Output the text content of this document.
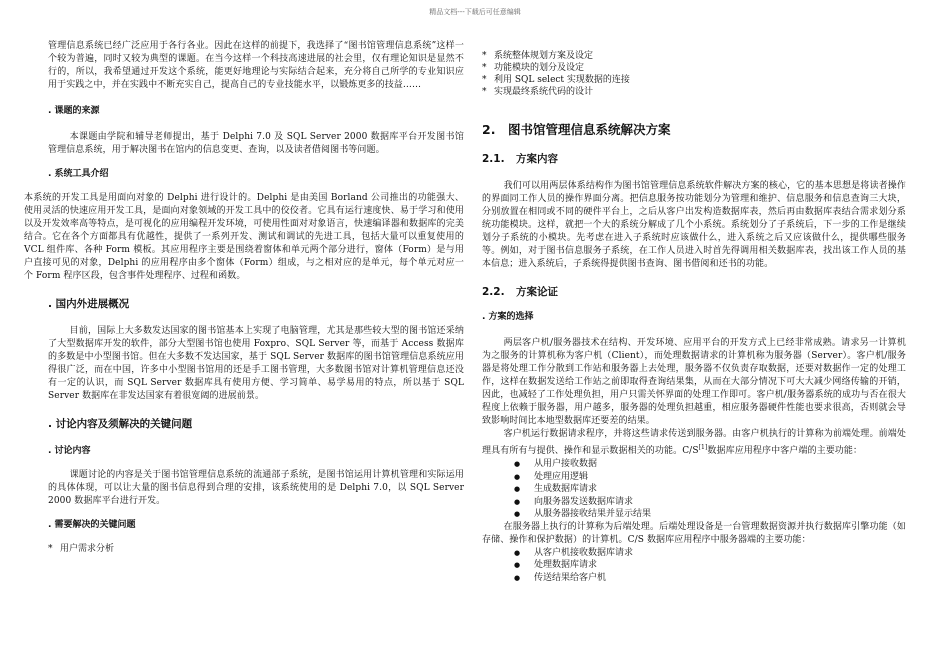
精品文档---下载后可任意编辑

管理信息系统已经广泛应用于各行各业。因此在这样的前提下，我选择了“图书馆管理信息系统”这样一个较为普遍，同时又较为典型的课题。在当今这样一个科技高速进展的社会里，仅有理论知识是显然不行的，所以，我希望通过开发这个系统，能更好地理论与实际结合起来，充分将自己所学的专业知识应用于实践之中，并在实践中不断充实自己，提高自己的专业技能水平，以锻炼更多的技益……

. 课题的来源

本课题由学院和辅导老师提出，基于 Delphi 7.0 及 SQL Server 2000 数据库平台开发图书馆管理信息系统，用于解决图书在馆内的信息变更、查询，以及读者借阅图书等问题。

. 系统工具介绍

本系统的开发工具是用面向对象的 Delphi 进行设计的。Delphi 是由美国 Borland 公司推出的功能强大、使用灵活的快速应用开发工具，是面向对象领域的开发工具中的佼佼者。它具有运行速度快、易于学习和使用以及开发效率高等特点，是可视化的应用编程开发环境，可使用性面对对象语言，快速编译器和数据库的完美结合。它在各个方面都具有优越性，提供了一系列开发、测试和调试的先进工具，包括大量可以重复使用的 VCL 组件库、各种 Form 模板。其应用程序主要是围绕着窗体和单元两个部分进行，窗体（Form）是与用户直接可见的对象，Delphi 的应用程序由多个窗体（Form）组成，与之相对应的是单元，每个单元对应一个 Form 程序区段，包含事件处理程序、过程和函数。

. 国内外进展概况

目前，国际上大多数发达国家的图书馆基本上实现了电脑管理，尤其是那些较大型的图书馆还采纳了大型数据库开发的软件，部分大型图书馆也使用 Foxpro、SQL Server 等，而基于 Access 数据库的多数是中小型图书馆。但在大多数不发达国家，基于 SQL Server 数据库的图书馆管理信息系统应用得很广泛，而在中国，许多中小型图书馆用的还是手工图书管理，大多数图书馆对计算机管理信息还没有一定的认识，而 SQL Server 数据库具有使用方便、学习简单、易学易用的特点，所以基于 SQL Server 数据库在非发达国家有着很宽阔的进展前景。

. 讨论内容及须解决的关键问题

. 讨论内容

课题讨论的内容是关于图书馆管理信息系统的流通部子系统，是图书馆运用计算机管理和实际运用的具体体现，可以让大量的图书信息得到合理的安排，该系统使用的是 Delphi 7.0，以 SQL Server 2000 数据库平台进行开发。

. 需要解决的关键问题

* 用户需求分析
* 系统整体规划方案及设定
* 功能模块的划分及设定
* 利用 SQL select 实现数据的连接
* 实现最终系统代码的设计

2. 图书馆管理信息系统解决方案

2.1. 方案内容

我们可以用两层体系结构作为图书馆管理信息系统软件解决方案的核心，它的基本思想是将读者操作的界面同工作人员的操作界面分离。把信息服务按功能划分为管理和维护、信息服务和信息查询三大块，分别放置在相同或不同的硬件平台上，之后从客户出发构造数据库表，然后再由数据库表结合需求划分系统功能模块。这样，就把一个大的系统分解成了几个小系统。系统划分了子系统后，下一步的工作是继续划分子系统的小模块。先考虑在进入子系统时应该做什么，进入系统之后又应该做什么，提供哪些服务等。例如，对于图书信息服务子系统，在工作人员进入时首先得调用相关数据库表，找出该工作人员的基本信息；进入系统后，子系统得提供图书查询、图书借阅和还书的功能。

2.2. 方案论证

. 方案的选择

两层客户机/服务器技术在结构、开发环境、应用平台的开发方式上已经非常成熟。请求另一计算机为之服务的计算机称为客户机（Client），而处理数据请求的计算机称为服务器（Server）。客户机/服务器是将处理工作分散到工作站和服务器上去处理，服务器不仅负责存取数据，还要对数据作一定的处理工作，这样在数据发送给工作站之前即取得查询结果集，从而在大部分情况下可大大减少网络传输的开销，因此，也减轻了工作处理负担，用户只需关怀界面的处理工作即可。客户机/服务器系统的成功与否在很大程度上依赖于服务器，用户越多，服务器的处理负担越重，相应服务器硬件性能也要求很高，否则就会导致影响时间比本地型数据库还要差的结果。

客户机运行数据请求程序，并将这些请求传送到服务器。由客户机执行的计算称为前端处理。前端处理具有所有与提供、操作和显示数据相关的功能。C/S[1]数据库应用程序中客户端的主要功能：

●	从用户接收数据
●	处理应用逻辑
●	生成数据库请求
●	向服务器发送数据库请求
●	从服务器接收结果并显示结果

在服务器上执行的计算称为后端处理。后端处理设备是一台管理数据资源并执行数据库引擎功能（如存储、操作和保护数据）的计算机。C/S 数据库应用程序中服务器端的主要功能：

●	从客户机接收数据库请求
●	处理数据库请求
●	传送结果给客户机
